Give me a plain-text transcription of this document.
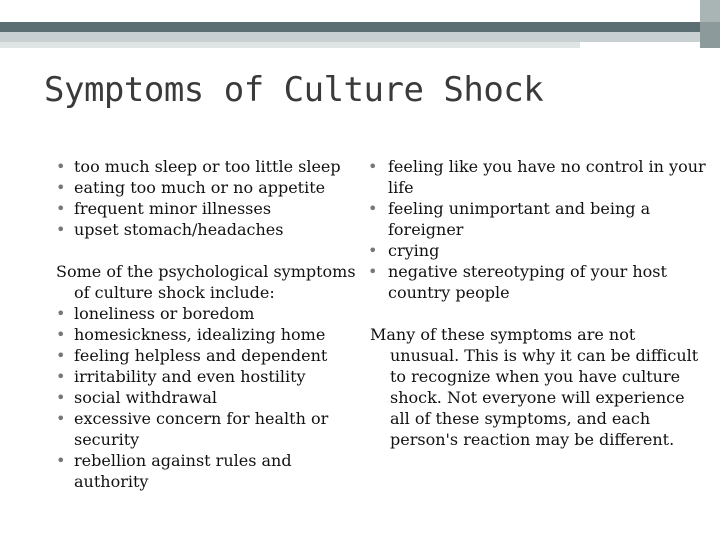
Symptoms of Culture Shock
• too much sleep or too little sleep
• eating too much or no appetite
• frequent minor illnesses
• upset stomach/headaches

Some of the psychological symptoms of culture shock include:

• loneliness or boredom
• homesickness, idealizing home
• feeling helpless and dependent
• irritability and even hostility
• social withdrawal
• excessive concern for health or security
• rebellion against rules and authority
• feeling like you have no control in your life
• feeling unimportant and being a foreigner
• crying
• negative stereotyping of your host country people

Many of these symptoms are not unusual. This is why it can be difficult to recognize when you have culture shock. Not everyone will experience all of these symptoms, and each person's reaction may be different.
